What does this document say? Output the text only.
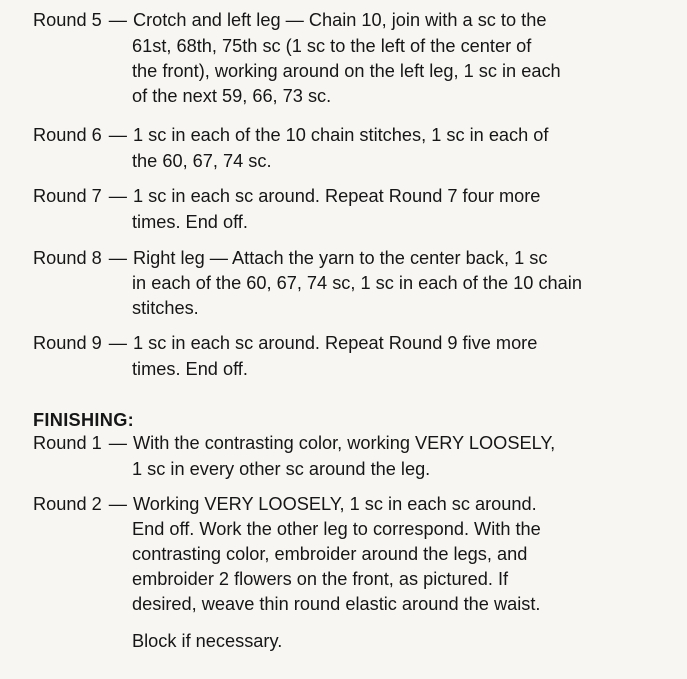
Round 5 — Crotch and left leg — Chain 10, join with a sc to the
61st, 68th, 75th sc (1 sc to the left of the center of
the front), working around on the left leg, 1 sc in each
of the next 59, 66, 73 sc.
Round 6 — 1 sc in each of the 10 chain stitches, 1 sc in each of
the 60, 67, 74 sc.
Round 7 — 1 sc in each sc around. Repeat Round 7 four more
times. End off.
Round 8 — Right leg — Attach the yarn to the center back, 1 sc
in each of the 60, 67, 74 sc, 1 sc in each of the 10 chain
stitches.
Round 9 — 1 sc in each sc around. Repeat Round 9 five more
times. End off.
FINISHING:
Round 1 — With the contrasting color, working VERY LOOSELY,
1 sc in every other sc around the leg.
Round 2 — Working VERY LOOSELY, 1 sc in each sc around.
End off. Work the other leg to correspond. With the
contrasting color, embroider around the legs, and
embroider 2 flowers on the front, as pictured. If
desired, weave thin round elastic around the waist.
Block if necessary.
